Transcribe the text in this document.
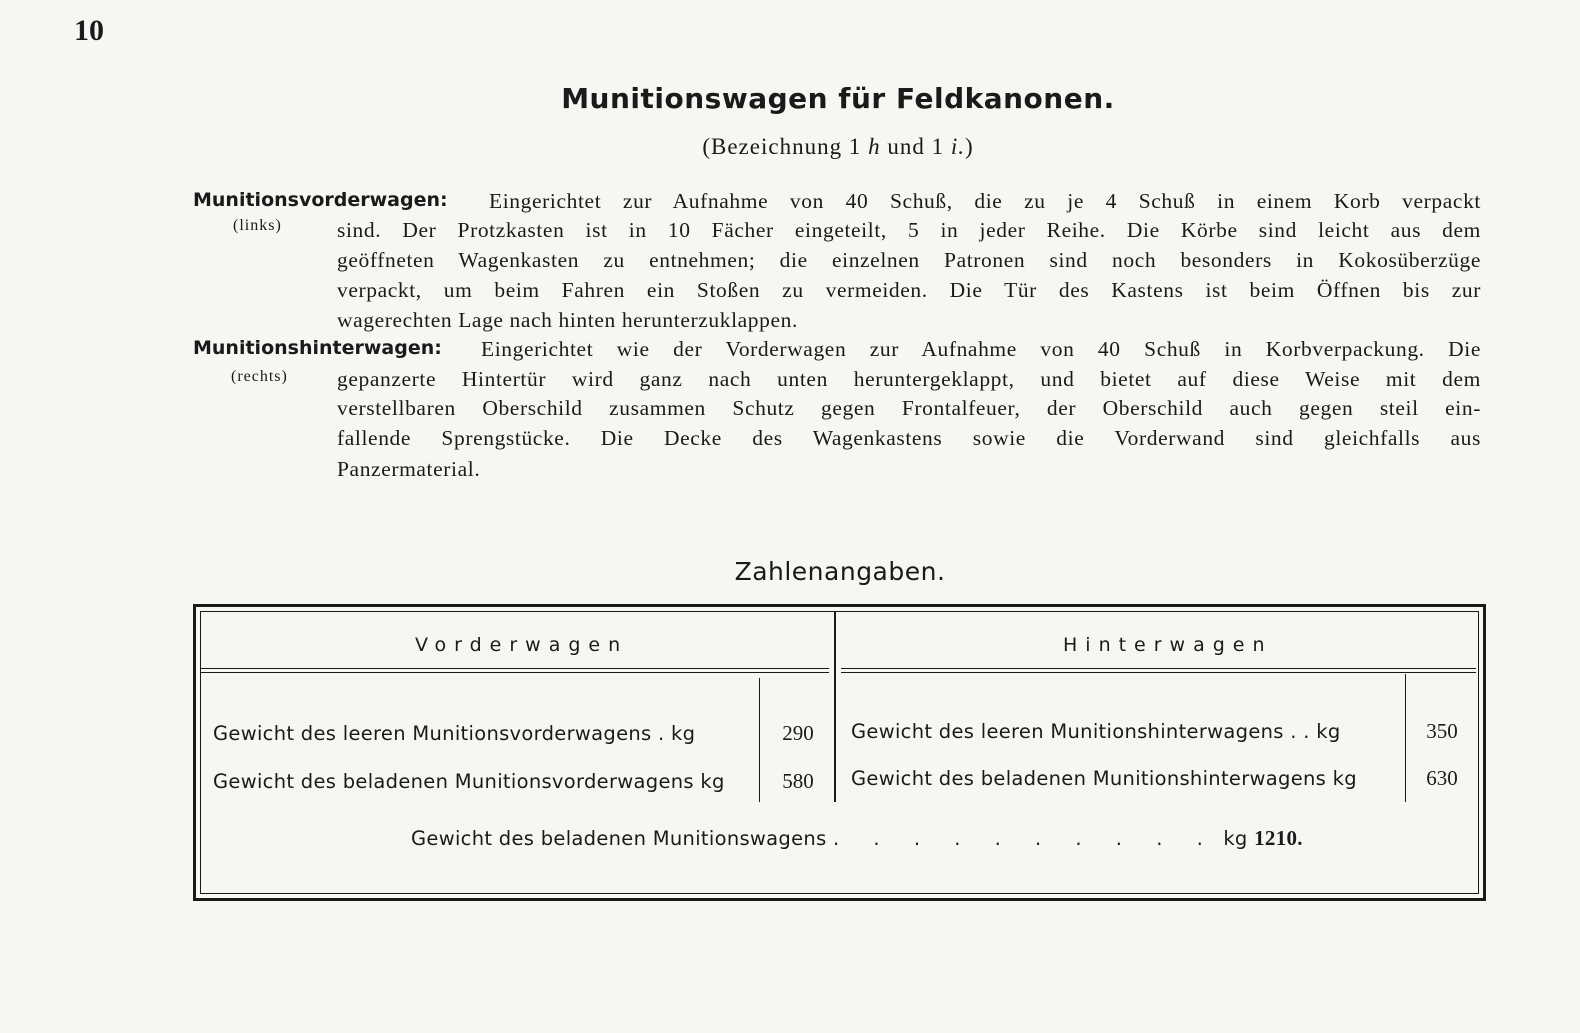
10
Munitionswagen für Feldkanonen.
(Bezeichnung 1 h und 1 i.)
Munitionsvorderwagen:
(links)
Eingerichtet zur Aufnahme von 40 Schuß, die zu je 4 Schuß in einem Korb verpackt
sind. Der Protzkasten ist in 10 Fächer eingeteilt, 5 in jeder Reihe. Die Körbe sind leicht aus dem
geöffneten Wagenkasten zu entnehmen; die einzelnen Patronen sind noch besonders in Kokosüberzüge
verpackt, um beim Fahren ein Stoßen zu vermeiden. Die Tür des Kastens ist beim Öffnen bis zur
wagerechten Lage nach hinten herunterzuklappen.
Munitionshinterwagen:
(rechts)
Eingerichtet wie der Vorderwagen zur Aufnahme von 40 Schuß in Korbverpackung. Die
gepanzerte Hintertür wird ganz nach unten heruntergeklappt, und bietet auf diese Weise mit dem
verstellbaren Oberschild zusammen Schutz gegen Frontalfeuer, der Oberschild auch gegen steil ein-
fallende Sprengstücke. Die Decke des Wagenkastens sowie die Vorderwand sind gleichfalls aus
Panzermaterial.
Zahlenangaben.
Vorderwagen	Hinterwagen
Gewicht des leeren Munitionsvorderwagens . kg	290
Gewicht des beladenen Munitionsvorderwagens kg	580
Gewicht des leeren Munitionshinterwagens . . kg	350
Gewicht des beladenen Munitionshinterwagens kg	630
Gewicht des beladenen Munitionswagens . . . . . . . . . . kg 1210.
